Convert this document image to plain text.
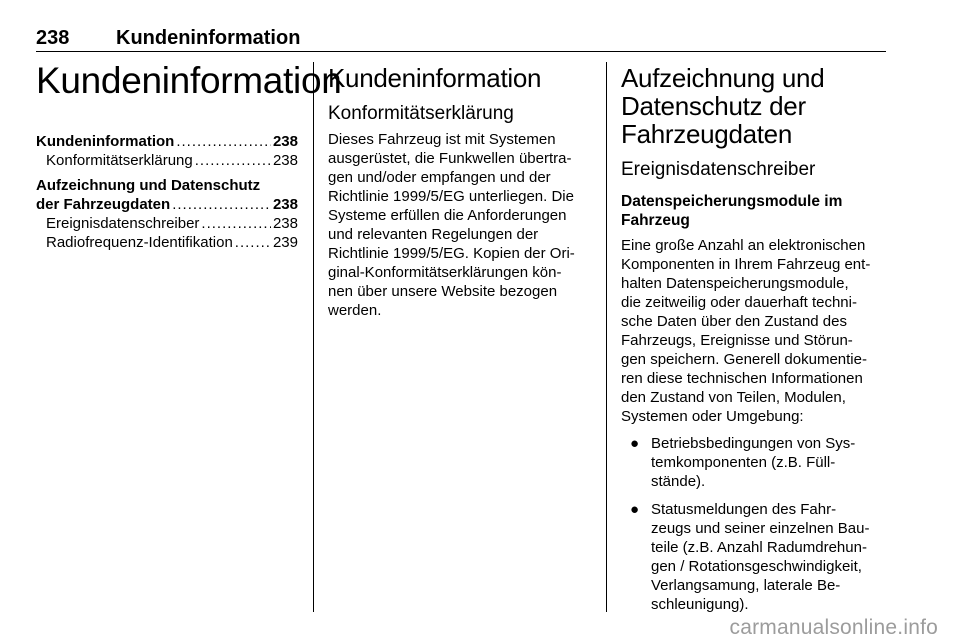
238 Kundeninformation
Kundeninformation
Kundeninformation .....	238
Konformitätserklärung .....	238
Aufzeichnung und Datenschutz
der Fahrzeugdaten .....	238
Ereignisdatenschreiber .....	238
Radiofrequenz-Identifikation .....	239
Kundeninformation
Konformitätserklärung

Dieses Fahrzeug ist mit Systemen
ausgerüstet, die Funkwellen übertra-
gen und/oder empfangen und der
Richtlinie 1999/5/EG unterliegen. Die
Systeme erfüllen die Anforderungen
und relevanten Regelungen der
Richtlinie 1999/5/EG. Kopien der Ori-
ginal-Konformitätserklärungen kön-
nen über unsere Website bezogen
werden.

Aufzeichnung und
Datenschutz der
Fahrzeugdaten
Ereignisdatenschreiber
Datenspeicherungsmodule im
Fahrzeug

Eine große Anzahl an elektronischen
Komponenten in Ihrem Fahrzeug ent-
halten Datenspeicherungsmodule,
die zeitweilig oder dauerhaft techni-
sche Daten über den Zustand des
Fahrzeugs, Ereignisse und Störun-
gen speichern. Generell dokumentie-
ren diese technischen Informationen
den Zustand von Teilen, Modulen,
Systemen oder Umgebung:

● Betriebsbedingungen von Sys-
temkomponenten (z.B. Füll-
stände).
● Statusmeldungen des Fahr-
zeugs und seiner einzelnen Bau-
teile (z.B. Anzahl Radumdrehun-
gen / Rotationsgeschwindigkeit,
Verlangsamung, laterale Be-
schleunigung).
carmanualsonline.info
